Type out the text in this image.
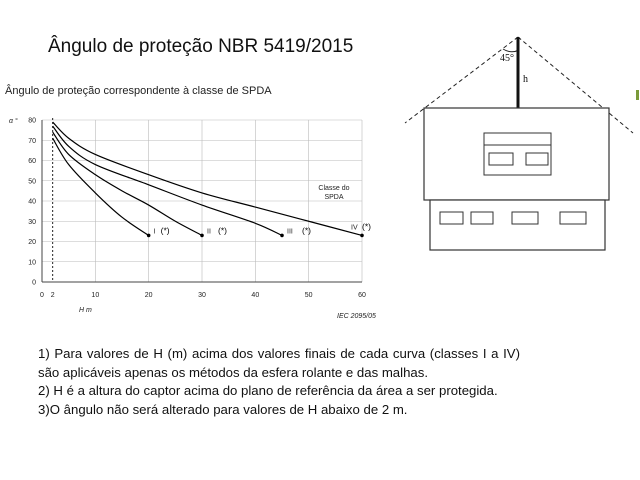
Ângulo de proteção NBR 5419/2015
Ângulo de proteção correspondente à classe de SPDA
0
10
20
30
40
50
60
70
80
0 2	10	20	30	40	50	60
I (*)	II (*)	III (*)	IV (*)
α °
H m
Classe do SPDA
IEC 2095/05
45°
h

1) Para valores de H (m) acima dos valores finais de cada curva (classes I a IV) são aplicáveis apenas os métodos da esfera rolante e das malhas.

2) H é a altura do captor acima do plano de referência da área a ser protegida.

3)O ângulo não será alterado para valores de H abaixo de 2 m.
